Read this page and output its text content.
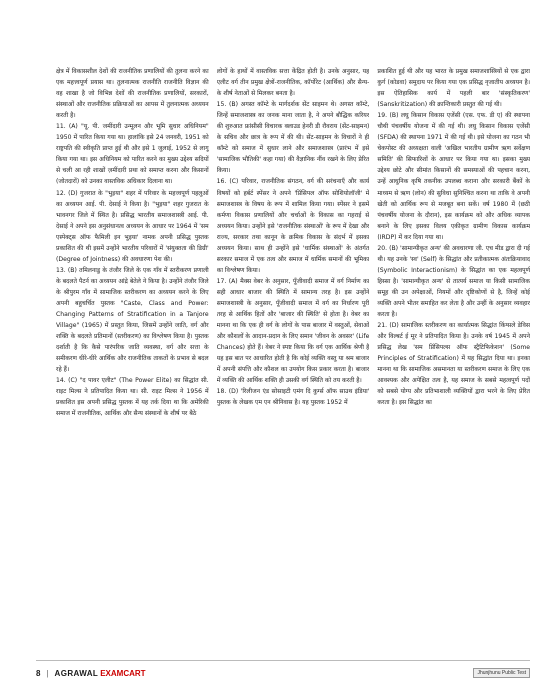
क्षेत्र में विकासशील देशों की राजनीतिक प्रणालियों की तुलना करने का एक महत्त्वपूर्ण प्रयास था। तुलनात्मक राजनीति राजनीति विज्ञान की वह शाखा है जो विभिन्न देशों की राजनीतिक प्रणालियों, सरकारों, संस्थाओं और राजनीतिक प्रक्रियाओं का आपस में तुलनात्मक अध्ययन करती है।

11. (A) "यू. पी. जमींदारी उन्मूलन और भूमि सुधार अधिनियम" 1950 में पारित किया गया था। हालांकि इसे 24 जनवरी, 1951 को राष्ट्रपति की स्वीकृति प्राप्त हुई थी और इसे 1 जुलाई, 1952 से लागू किया गया था। इस अधिनियम को पारित करने का मुख्य उद्देश्य सदियों से चली आ रही शाखों ज़मींदारी प्रथा को समाप्त करना और किसानों (जोतदारों) को उनका वास्तविक अधिकार दिलाना था।

12. (D) गुजरात के "भुइया" शहर में परिवार के महत्त्वपूर्ण पहलुओं का अध्ययन आई. पी. देसाई ने किया है। "भुइया" शहर गुजरात के भावनगर जिले में स्थित है। प्रसिद्ध भारतीय समाजशास्त्री आई. पी. देसाई ने अपने इस अनुसंधानत्व अध्ययन के आधार पर 1964 में 'सम एस्पेक्ट्स ऑफ फैमिली इन भुइया' नामक अपनी प्रसिद्ध पुस्तक प्रकाशित की थी इसमें उन्होंने भारतीय परिवारों में 'संयुक्तता की डिग्री' (Degree of Jointness) की अवधारणा पेश की।

13. (B) तमिलनाडु के तंजौर जिले के एक गाँव में स्तरीकरण प्रणाली के बदलते पैटर्न का अध्ययन आंद्रे बेतेले ने किया है। उन्होंने तंजौर जिले के श्रीपुरम गाँव में सामाजिक स्तरीकरण का अध्ययन करने के लिए अपनी बहुचर्चित पुस्तक "Caste, Class and Power: Changing Patterns of Stratification in a Tanjore Village" (1965) में प्रस्तुत किया, जिसमें उन्होंने जाति, वर्ग और शक्ति के बदलते प्रतिमानों (स्तरीकरण) का विश्लेषण किया है। पुस्तक दर्शाती है कि कैसे पारंपरिक जाति व्यवस्था, वर्ग और सत्ता के समीकरण धीरे-धीरे आर्थिक और राजनीतिक ताकतों के प्रभाव से बदल रहे हैं।

14. (C) "द पावर एलीट" (The Power Elite) का सिद्धांत सी. राइट मिल्स ने प्रतिपादित किया था। सी. राइट मिल्स ने 1956 में प्रकाशित इस अपनी प्रसिद्ध पुस्तक में यह तर्क दिया था कि अमेरिकी समाज में राजनीतिक, आर्थिक और सैन्य संस्थानों के शीर्ष पर बैठे

लोगों के हाथों में वास्तविक सत्ता केंद्रित होती है। उनके अनुसार, यह एलीट वर्ग तीन प्रमुख क्षेत्रों-राजनीतिक, कॉर्पोरेट (आर्थिक) और सैन्य-के शीर्ष नेताओं से मिलकर बनता है।

15. (B) अगस्त कॉम्टे के मार्गदर्शक सेंट साइमन थे। अगस्त कॉम्टे, जिन्हें समाजशास्त्र का जनक माना जाता है, ने अपने बौद्धिक करियर की शुरुआत फ्रांसीसी विचारक क्लाउड हेनरी डी रौवराय (सेंट-साइमन) के सचिव और छात्र के रूप में की थी। सेंट-साइमन के विचारों ने ही कॉम्टे को समाज में सुधार लाने और समाजशास्त्र (प्रारंभ में इसे 'सामाजिक भौतिकी' कहा गया) की वैज्ञानिक नींव रखने के लिए प्रेरित किया।

16. (C) परिवार, राजनीतिक संगठन, वर्ग की सरंचनाएँ और कार्य विषयों को हर्बर्ट स्पेंसर ने अपने 'प्रिंसिपल ऑफ सोशियोलॉजी' में समाजशास्त्र के विषय के रूप में शामिल किया गया। स्पेंसर ने इसमें कर्मणा विकास प्रणालियों और चर्चाओं के विकास का गहराई से अध्ययन किया। उन्होंने इसे 'राजनीतिक संस्थाओं' के रूप में देखा और राज्य, सरकार तथा कानून के क्रमिक विकास के संदर्भ में इसका अध्ययन किया। साथ ही उन्होंने इसे 'धार्मिक संस्थाओं' के अंतर्गत सरकार समाज में एक तत्व और समाज में धार्मिक समानों की भूमिका का विश्लेषण किया।

17. (A) मैक्स वेबर के अनुसार, पूँजीवादी समाज में वर्ग निर्माण का सही आधार बाजार की स्थिति में सामान्य तरह है। इस उन्होंने समाजशास्त्री के अनुसार, पूँजीवादी समाज में वर्ग का निर्धारण पूरी तरह से आर्थिक हितों और 'बाजार की स्थिति' से होता है। वेबर का मानना था कि एक ही वर्ग के लोगों के पास बाजार में वस्तुओं, सेवाओं और कौशलों के आदान-प्रदान के लिए समान 'जीवन के अवसर' (Life Chances) होते हैं। वेबर ने स्पष्ट किया कि वर्ग एक आर्थिक श्रेणी है यह इस बात पर आधारित होती है कि कोई व्यक्ति वस्तु या श्रम बाजार में अपनी संपत्ति और कौशल का उपयोग किस प्रकार करता है। बाजार में व्यक्ति की आर्थिक शक्ति ही उसकी वर्ग स्थिति को तय करती है।

18. (D) 'रिलीजन एंड सोसाइटी एमंग दि कुर्ग्स ऑफ साउथ इंडिया' पुस्तक के लेखक एम एन श्रीनिवास है। यह पुस्तक 1952 में

प्रकाशित हुई थी और यह भारत के प्रमुख समाजशास्त्रियों से एक द्वारा कुर्ग (कोडवा) समुदाय पर किया गया एक प्रसिद्ध नृजातीय अध्ययन है। इस ऐतिहासिक कार्य में पहली बार 'संस्कृतिकरण' (Sanskritization) की क्रान्तिकारी प्रस्तुत की गई थी।

19. (B) लघु किसान विकास एजेंसी (एस. एफ. डी ए) की स्थापना चौथी पंचवर्षीय योजना में की गई थी। लघु किसान विकास एजेंसी (SFDA) की स्थापना 1971 में की गई थी। इसे योजना का गठन भी चेकपोस्ट की अध्यक्षता वाली 'अखिल भारतीय ग्रामीण ऋण सर्वेक्षण समिति' की सिफारिशों के आधार पर किया गया था। इसका मुख्य उद्देश्य छोटे और सीमांत किसानों की समस्याओं की पहचान करना, उन्हें आधुनिक कृषि तकनीक उपलब्ध कराना और सरकारी बैंकों के माध्यम से ऋण (लोन) की सुविधा सुनिश्चित करना था ताकि वे अपनी खेती को आर्थिक रूप से मजबूत बना सकें। वर्ष 1980 में (छठी पंचवर्षीय योजना के दौरान), इस कार्यक्रम को और अधिक व्यापक बनाने के लिए इसका विलय एकीकृत ग्रामीण विकास कार्यक्रम (IRDP) में कर दिया गया था।

20. (B) 'सामान्यीकृत अन्य' की अवधारणा जी. एच मीड द्वारा दी गई थी। यह उनके 'स्व' (Self) के सिद्धांत और प्रतीकात्मक अंतःक्रियावाद (Symbolic Interactionism) के सिद्धांत का एक महत्वपूर्ण हिस्सा है। 'सामान्यीकृत अन्य' से तात्पर्य समाज या किसी सामाजिक समूह की उन अपेक्षाओं, नियमों और दृष्टिकोणों से है, जिन्हें कोई व्यक्ति अपने भीतर समाहित कर लेता है और उन्हीं के अनुसार व्यवहार करता है।

21. (D) सामाजिक स्तरीकरण का कार्यात्मक सिद्धांत किंग्सले डेविस और विल्बर्ट ई मूर ने प्रतिपादित किया है। उनके वर्ष 1945 में अपने प्रसिद्ध लेख 'सम प्रिंसिपल्स ऑफ स्ट्रैटिफिकेशन' (Some Principles of Stratification) में यह सिद्धांत दिया था। इनका मानना था कि सामाजिक असमानता या स्तरीकरण समाज के लिए एक आवश्यक और अपेक्षित तत्व है, यह समाज के सबसे महत्वपूर्ण पदों को सबसे योग्य और प्रतिभाशाली व्यक्तियों द्वारा भरने के लिए प्रेरित करता है। इस सिद्धांत का

8 | AGRAWAL EXAMCART	Jhunjhunu Public Test
